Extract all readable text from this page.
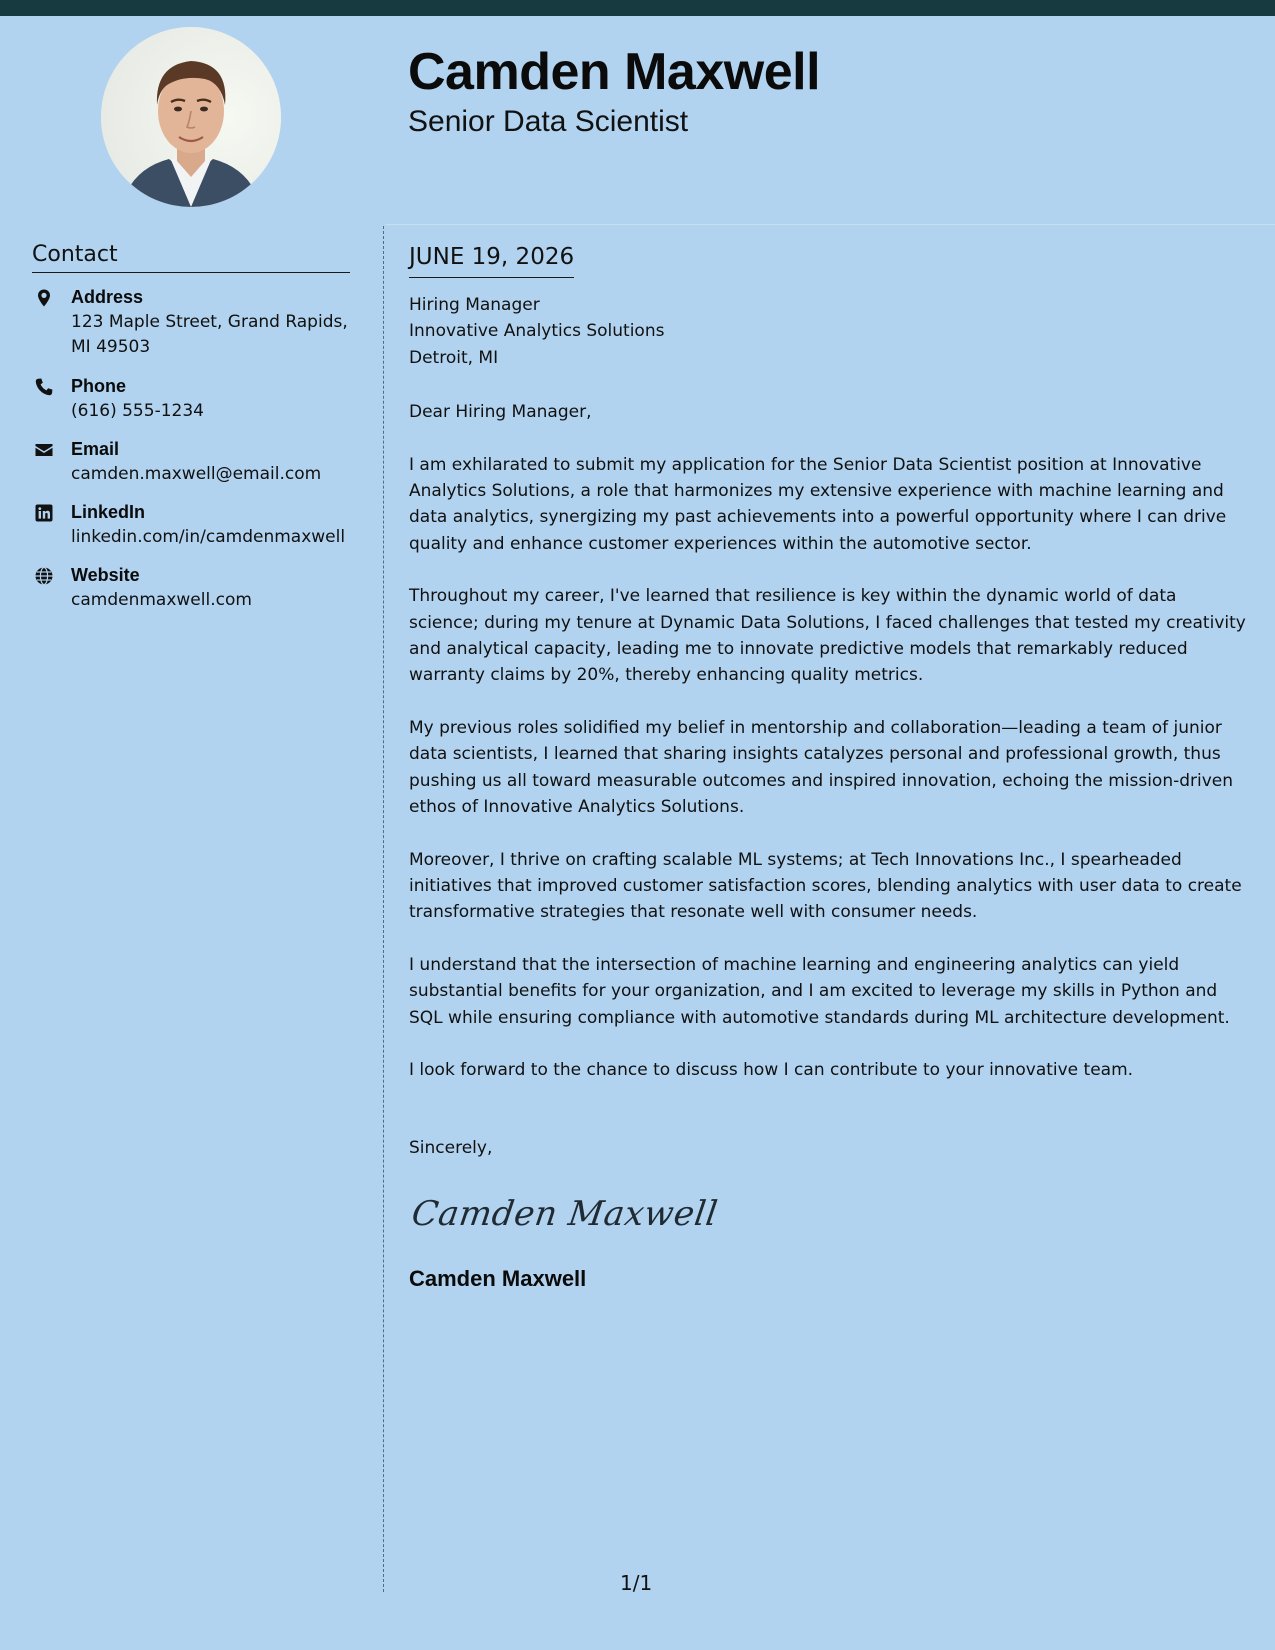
Camden Maxwell
Senior Data Scientist
Contact
Address
123 Maple Street, Grand Rapids, MI 49503
Phone
(616) 555-1234
Email
camden.maxwell@email.com
LinkedIn
linkedin.com/in/camdenmaxwell
Website
camdenmaxwell.com
JUNE 19, 2026
Hiring Manager
Innovative Analytics Solutions
Detroit, MI
Dear Hiring Manager,
I am exhilarated to submit my application for the Senior Data Scientist position at Innovative Analytics Solutions, a role that harmonizes my extensive experience with machine learning and data analytics, synergizing my past achievements into a powerful opportunity where I can drive quality and enhance customer experiences within the automotive sector.
Throughout my career, I've learned that resilience is key within the dynamic world of data science; during my tenure at Dynamic Data Solutions, I faced challenges that tested my creativity and analytical capacity, leading me to innovate predictive models that remarkably reduced warranty claims by 20%, thereby enhancing quality metrics.
My previous roles solidified my belief in mentorship and collaboration—leading a team of junior data scientists, I learned that sharing insights catalyzes personal and professional growth, thus pushing us all toward measurable outcomes and inspired innovation, echoing the mission-driven ethos of Innovative Analytics Solutions.
Moreover, I thrive on crafting scalable ML systems; at Tech Innovations Inc., I spearheaded initiatives that improved customer satisfaction scores, blending analytics with user data to create transformative strategies that resonate well with consumer needs.
I understand that the intersection of machine learning and engineering analytics can yield substantial benefits for your organization, and I am excited to leverage my skills in Python and SQL while ensuring compliance with automotive standards during ML architecture development.
I look forward to the chance to discuss how I can contribute to your innovative team.
Sincerely,
Camden Maxwell
Camden Maxwell
1/1
